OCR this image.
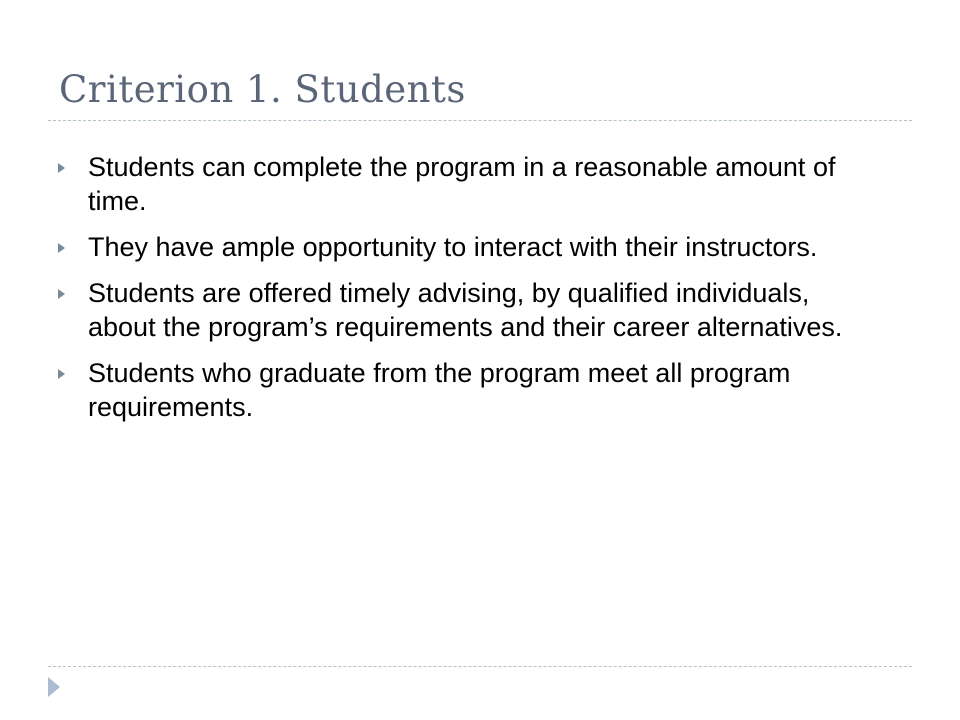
Criterion 1. Students
Students can complete the program in a reasonable amount of time.
They have ample opportunity to interact with their instructors.
Students are offered timely advising, by qualified individuals, about the program’s requirements and their career alternatives.
Students who graduate from the program meet all program requirements.
